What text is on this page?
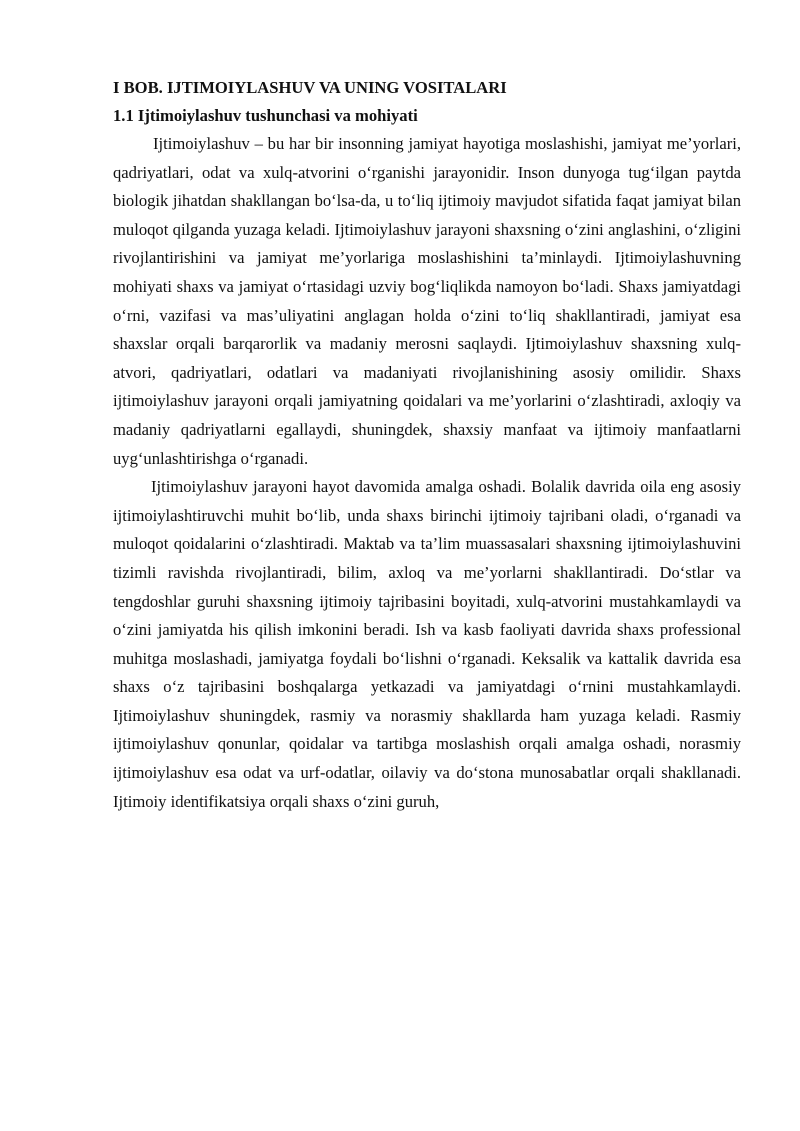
I BOB. IJTIMOIYLASHUV VA UNING VOSITALARI

1.1 Ijtimoiylashuv tushunchasi va mohiyati

Ijtimoiylashuv – bu har bir insonning jamiyat hayotiga moslashishi, jamiyat me’yorlari, qadriyatlari, odat va xulq-atvorini o‘rganishi jarayonidir. Inson dunyoga tug‘ilgan paytda biologik jihatdan shakllangan bo‘lsa-da, u to‘liq ijtimoiy mavjudot sifatida faqat jamiyat bilan muloqot qilganda yuzaga keladi. Ijtimoiylashuv jarayoni shaxsning o‘zini anglashini, o‘zligini rivojlantirishini va jamiyat me’yorlariga moslashishini ta’minlaydi. Ijtimoiylashuvning mohiyati shaxs va jamiyat o‘rtasidagi uzviy bog‘liqlikda namoyon bo‘ladi. Shaxs jamiyatdagi o‘rni, vazifasi va mas’uliyatini anglagan holda o‘zini to‘liq shakllantiradi, jamiyat esa shaxslar orqali barqarorlik va madaniy merosni saqlaydi. Ijtimoiylashuv shaxsning xulq-atvori, qadriyatlari, odatlari va madaniyati rivojlanishining asosiy omilidir. Shaxs ijtimoiylashuv jarayoni orqali jamiyatning qoidalari va me’yorlarini o‘zlashtiradi, axloqiy va madaniy qadriyatlarni egallaydi, shuningdek, shaxsiy manfaat va ijtimoiy manfaatlarni uyg‘unlashtirishga o‘rganadi.

Ijtimoiylashuv jarayoni hayot davomida amalga oshadi. Bolalik davrida oila eng asosiy ijtimoiylashtiruvchi muhit bo‘lib, unda shaxs birinchi ijtimoiy tajribani oladi, o‘rganadi va muloqot qoidalarini o‘zlashtiradi. Maktab va ta’lim muassasalari shaxsning ijtimoiylashuvini tizimli ravishda rivojlantiradi, bilim, axloq va me’yorlarni shakllantiradi. Do‘stlar va tengdoshlar guruhi shaxsning ijtimoiy tajribasini boyitadi, xulq-atvorini mustahkamlaydi va o‘zini jamiyatda his qilish imkonini beradi. Ish va kasb faoliyati davrida shaxs professional muhitga moslashadi, jamiyatga foydali bo‘lishni o‘rganadi. Keksalik va kattalik davrida esa shaxs o‘z tajribasini boshqalarga yetkazadi va jamiyatdagi o‘rnini mustahkamlaydi. Ijtimoiylashuv shuningdek, rasmiy va norasmiy shakllarda ham yuzaga keladi. Rasmiy ijtimoiylashuv qonunlar, qoidalar va tartibga moslashish orqali amalga oshadi, norasmiy ijtimoiylashuv esa odat va urf-odatlar, oilaviy va do‘stona munosabatlar orqali shakllanadi. Ijtimoiy identifikatsiya orqali shaxs o‘zini guruh,
